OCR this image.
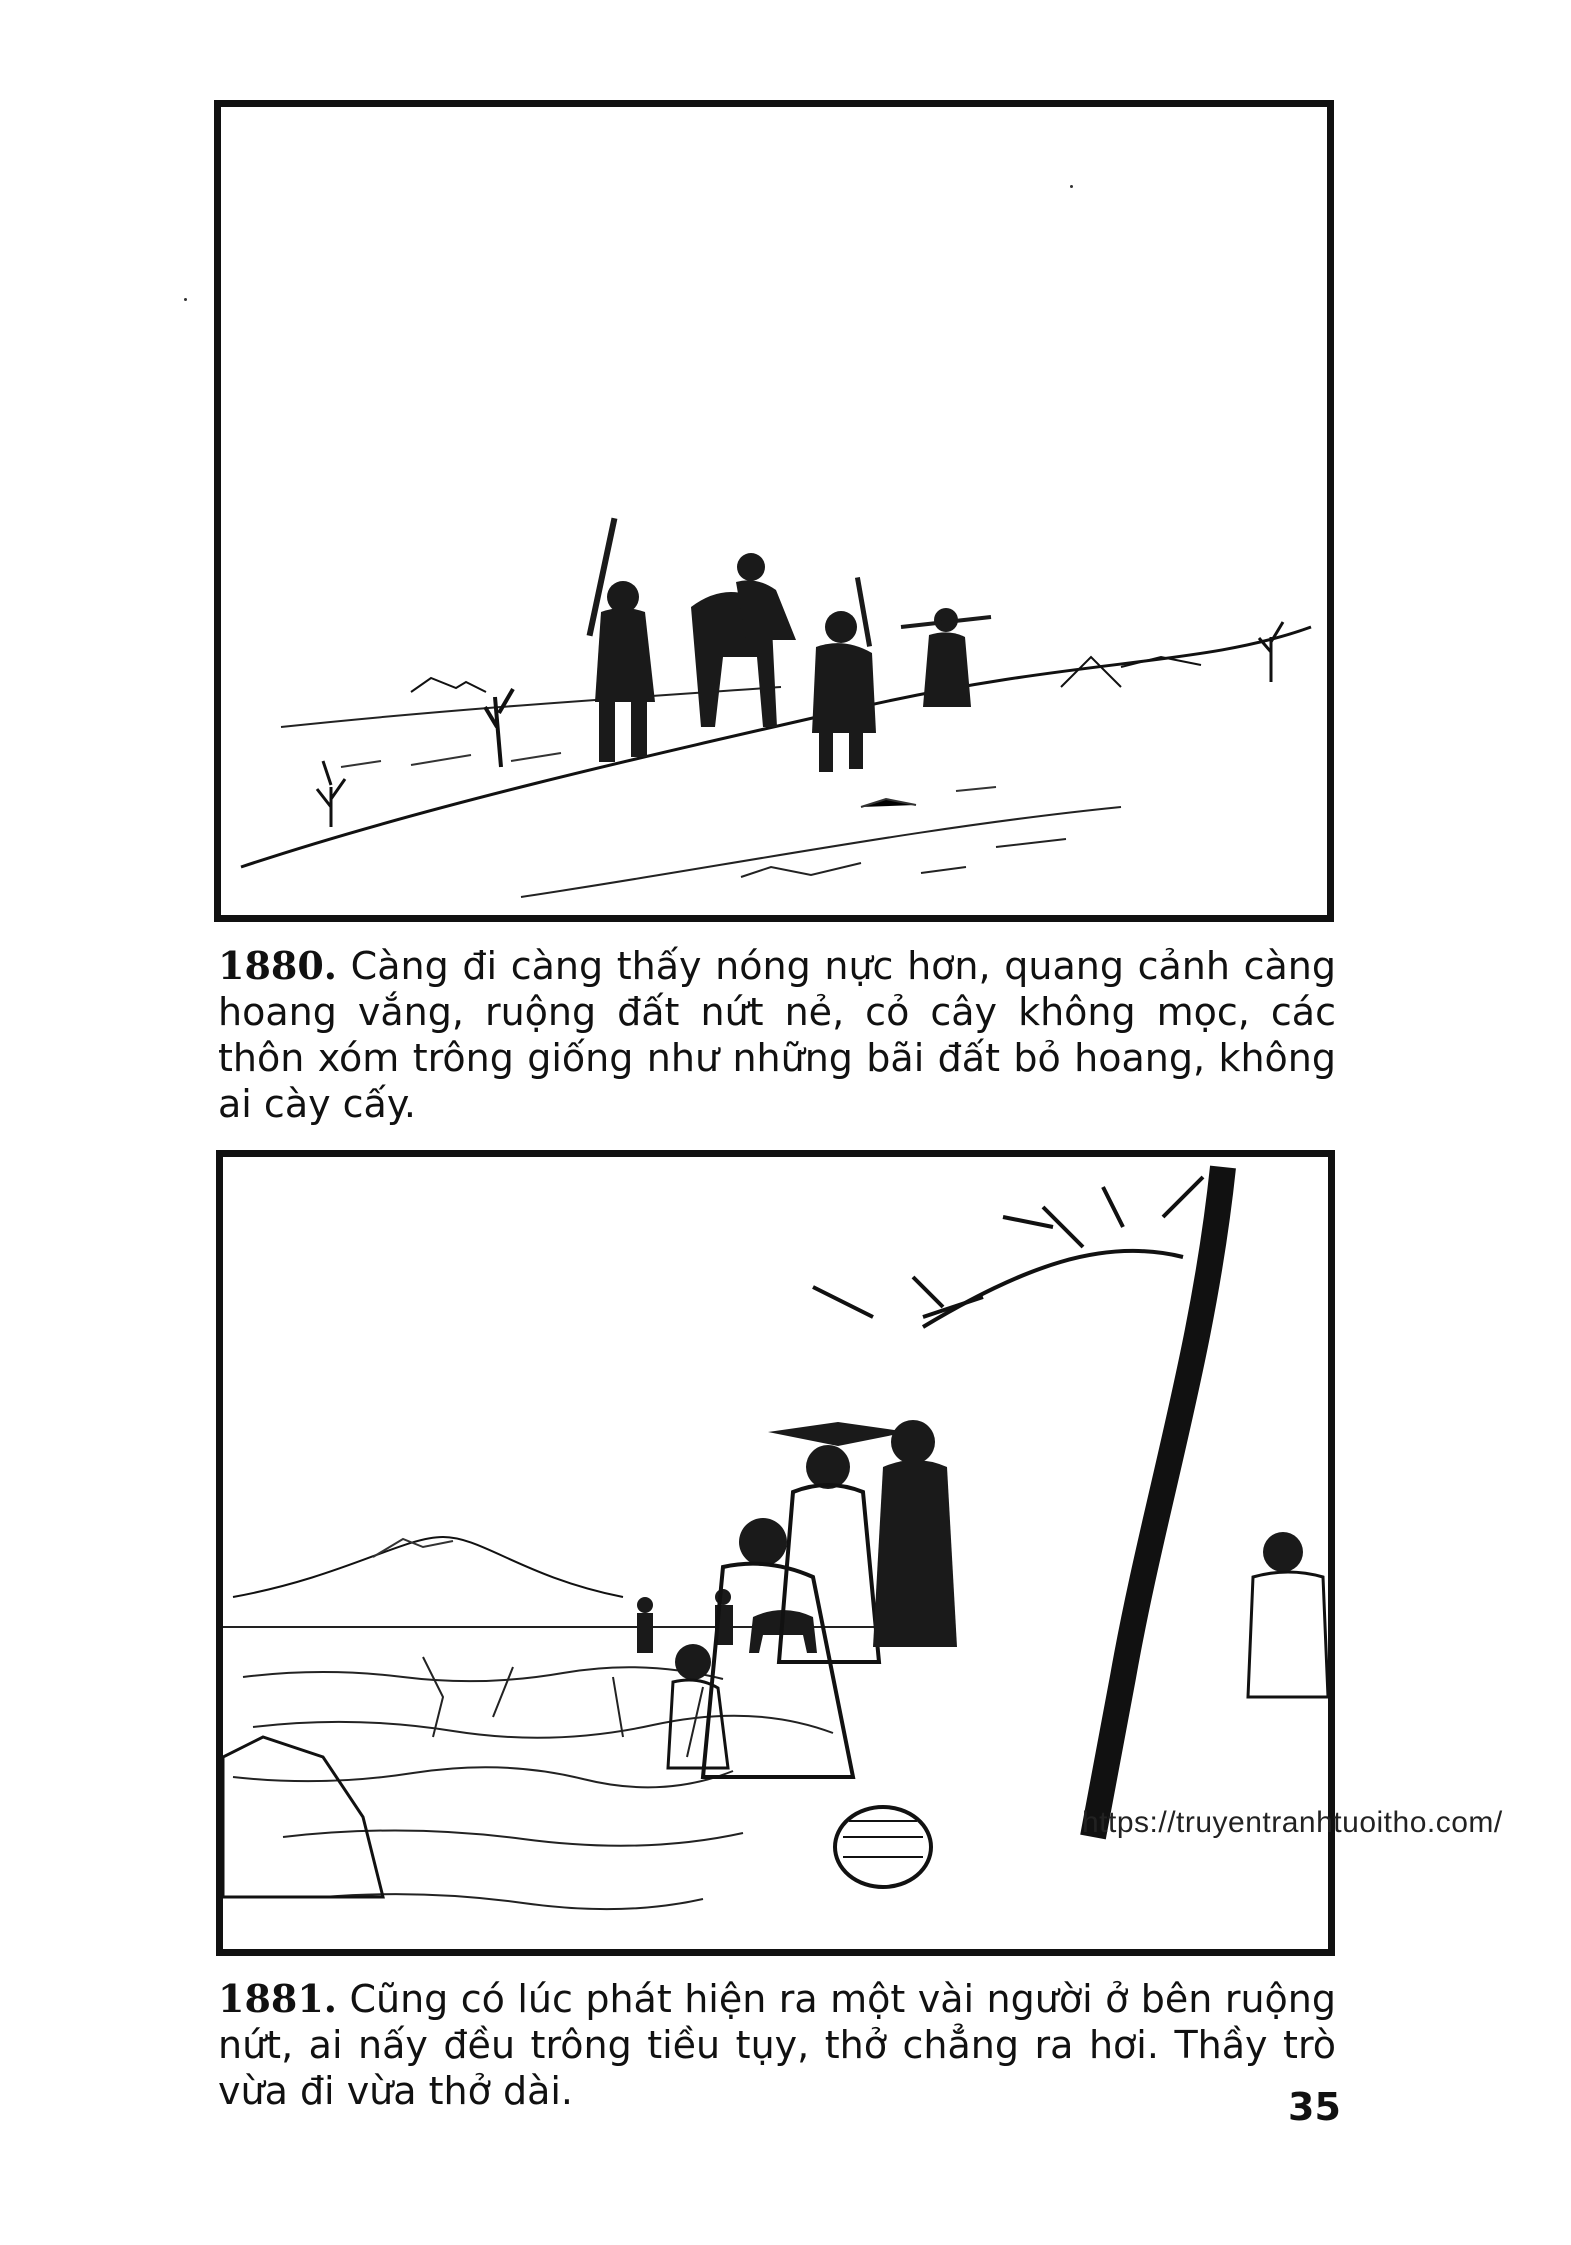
1880. Càng đi càng thấy nóng nực hơn, quang cảnh càng hoang vắng, ruộng đất nứt nẻ, cỏ cây không mọc, các thôn xóm trông giống như những bãi đất bỏ hoang, không ai cày cấy.
https://truyentranhtuoitho.com/
1881. Cũng có lúc phát hiện ra một vài người ở bên ruộng nứt, ai nấy đều trông tiều tụy, thở chẳng ra hơi. Thầy trò vừa đi vừa thở dài.	35
